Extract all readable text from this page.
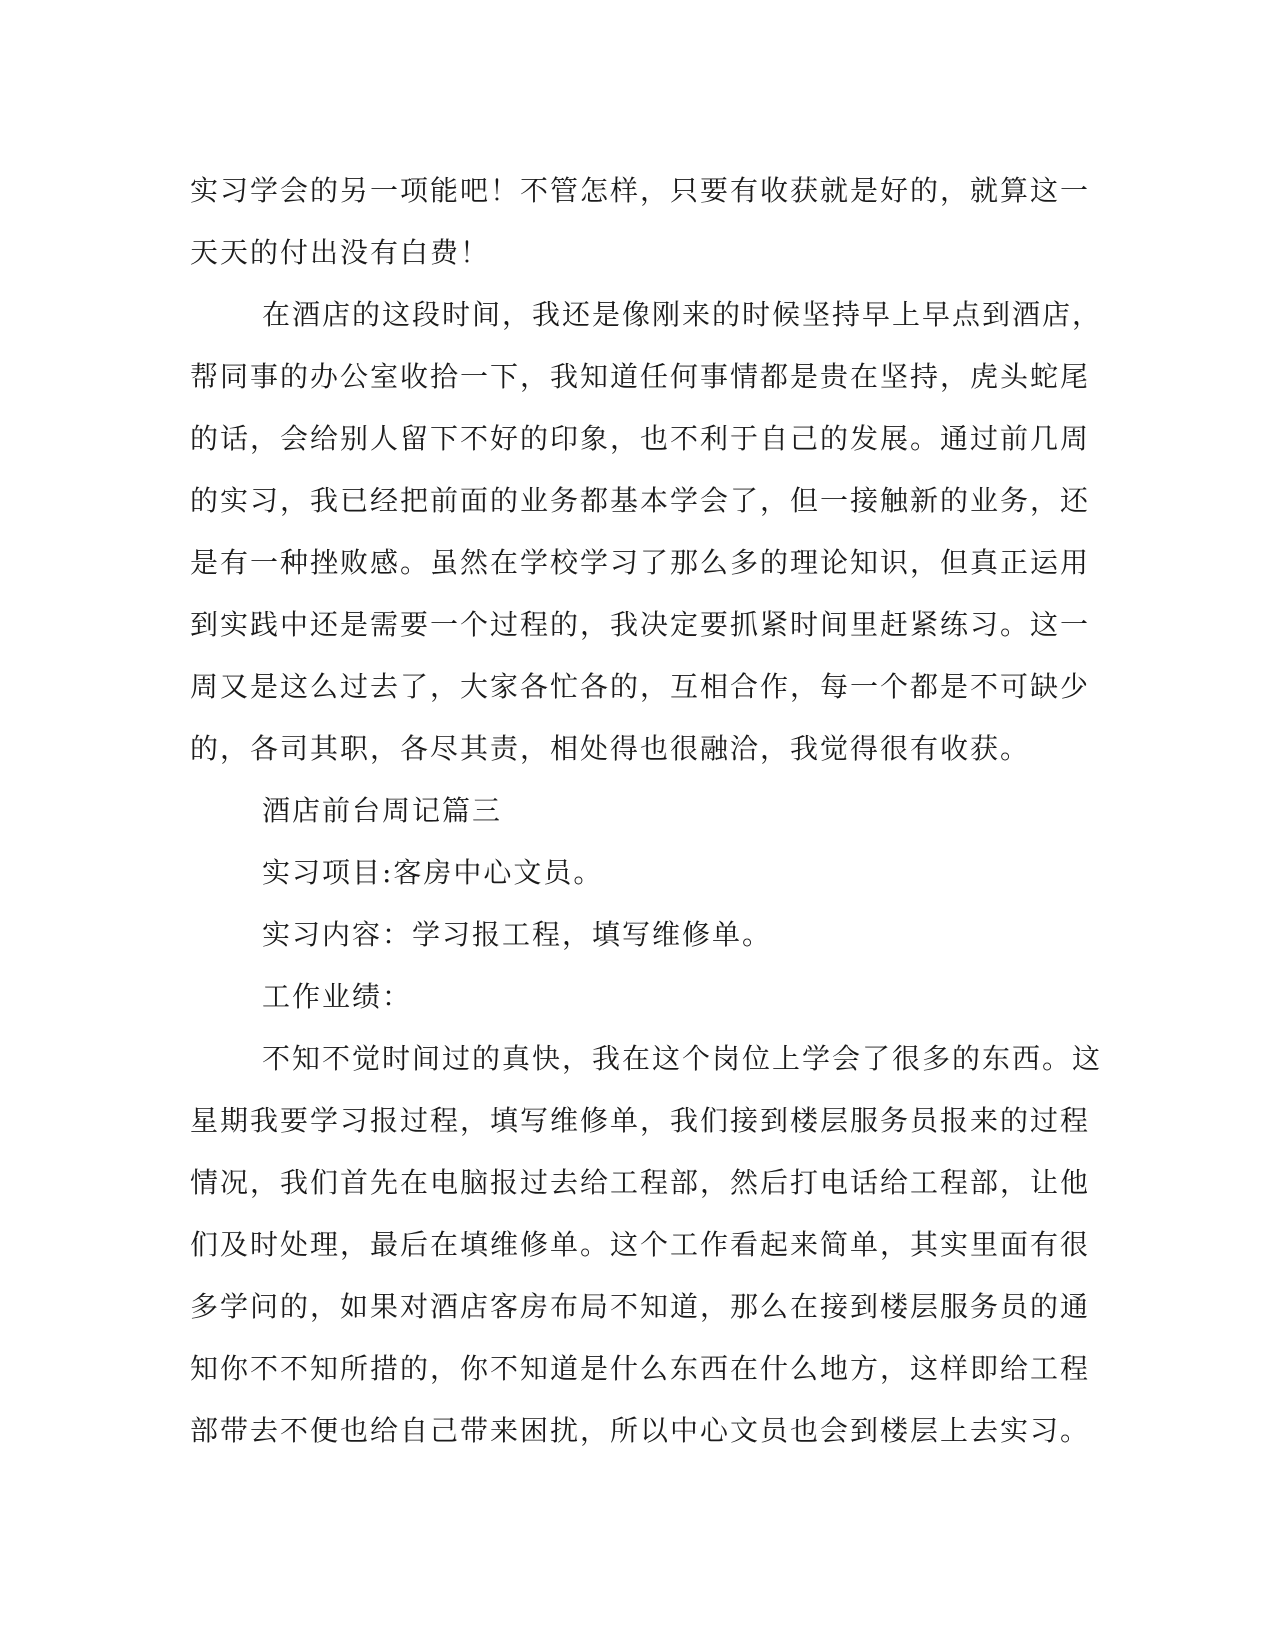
实习学会的另一项能吧！不管怎样，只要有收获就是好的，就算这一
天天的付出没有白费！
在酒店的这段时间，我还是像刚来的时候坚持早上早点到酒店，
帮同事的办公室收拾一下，我知道任何事情都是贵在坚持，虎头蛇尾
的话，会给别人留下不好的印象，也不利于自己的发展。通过前几周
的实习，我已经把前面的业务都基本学会了，但一接触新的业务，还
是有一种挫败感。虽然在学校学习了那么多的理论知识，但真正运用
到实践中还是需要一个过程的，我决定要抓紧时间里赶紧练习。这一
周又是这么过去了，大家各忙各的，互相合作，每一个都是不可缺少
的，各司其职，各尽其责，相处得也很融洽，我觉得很有收获。
酒店前台周记篇三
实习项目:客房中心文员。
实习内容：学习报工程，填写维修单。
工作业绩：
不知不觉时间过的真快，我在这个岗位上学会了很多的东西。这
星期我要学习报过程，填写维修单，我们接到楼层服务员报来的过程
情况，我们首先在电脑报过去给工程部，然后打电话给工程部，让他
们及时处理，最后在填维修单。这个工作看起来简单，其实里面有很
多学问的，如果对酒店客房布局不知道，那么在接到楼层服务员的通
知你不不知所措的，你不知道是什么东西在什么地方，这样即给工程
部带去不便也给自己带来困扰，所以中心文员也会到楼层上去实习。
